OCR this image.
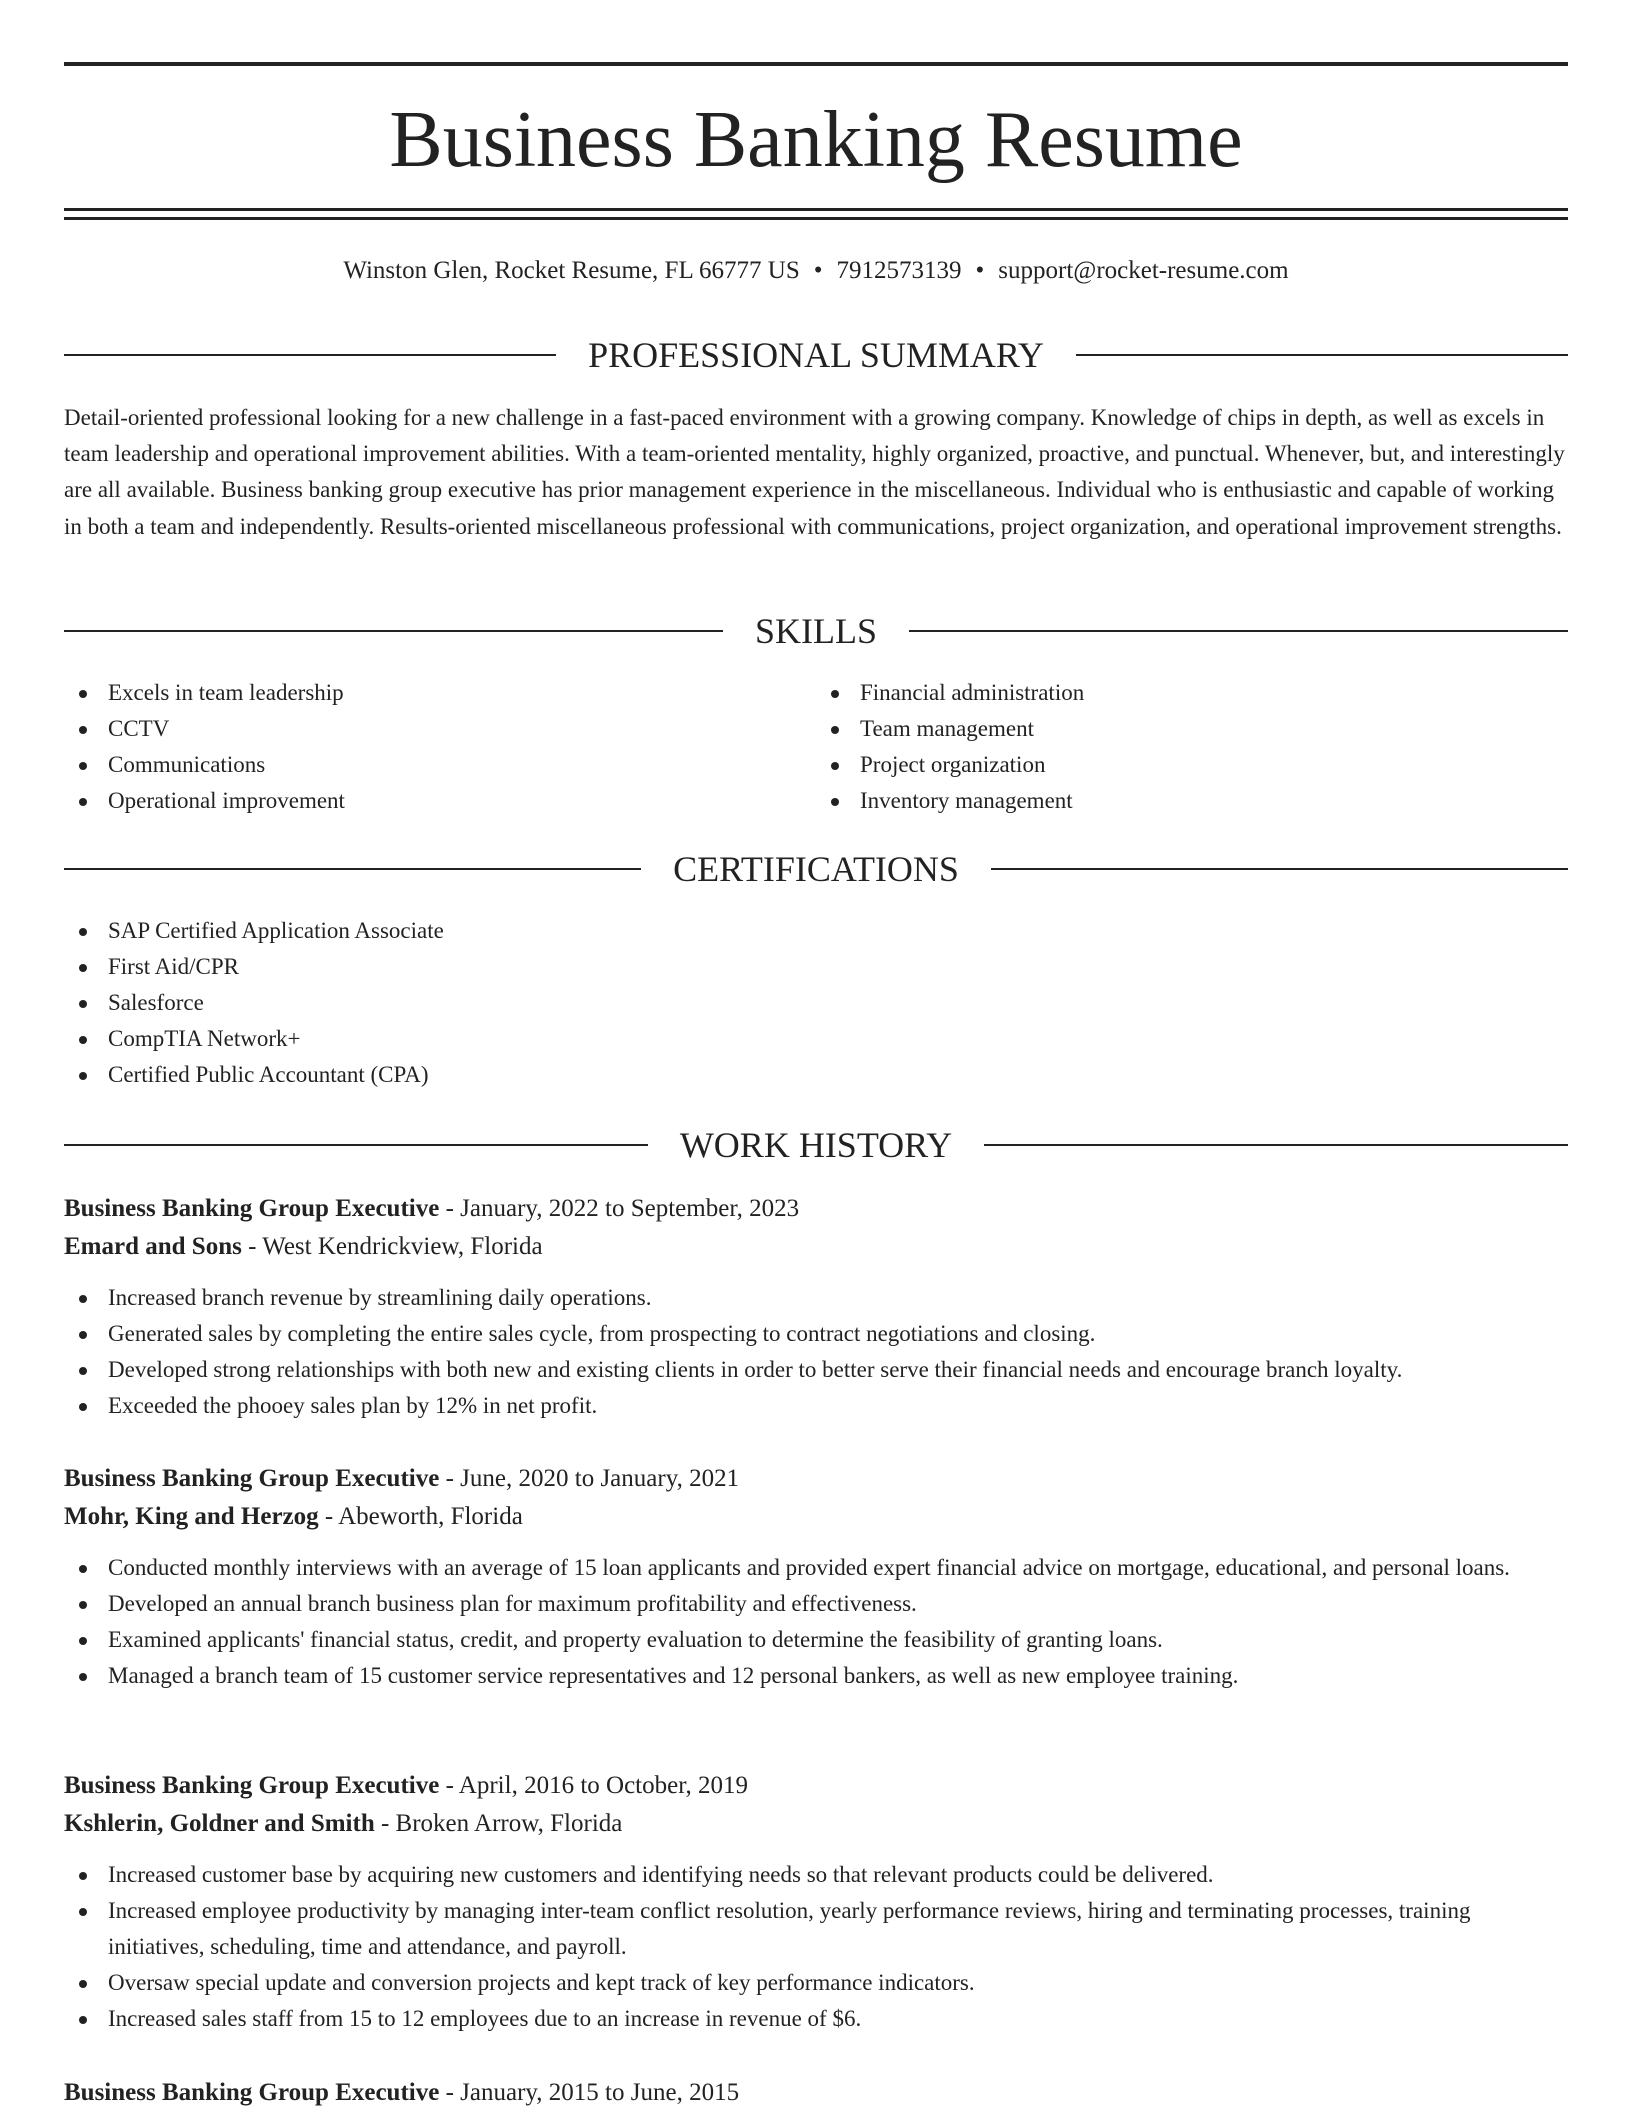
Business Banking Resume
Winston Glen, Rocket Resume, FL 66777 US • 7912573139 • support@rocket-resume.com
PROFESSIONAL SUMMARY

Detail-oriented professional looking for a new challenge in a fast-paced environment with a growing company. Knowledge of chips in depth, as well as excels in team leadership and operational improvement abilities. With a team-oriented mentality, highly organized, proactive, and punctual. Whenever, but, and interestingly are all available. Business banking group executive has prior management experience in the miscellaneous. Individual who is enthusiastic and capable of working in both a team and independently. Results-oriented miscellaneous professional with communications, project organization, and operational improvement strengths.

SKILLS
Excels in team leadership
CCTV
Communications
Operational improvement
Financial administration
Team management
Project organization
Inventory management
CERTIFICATIONS
SAP Certified Application Associate
First Aid/CPR
Salesforce
CompTIA Network+
Certified Public Accountant (CPA)
WORK HISTORY
Business Banking Group Executive - January, 2022 to September, 2023
Emard and Sons - West Kendrickview, Florida
Increased branch revenue by streamlining daily operations.
Generated sales by completing the entire sales cycle, from prospecting to contract negotiations and closing.
Developed strong relationships with both new and existing clients in order to better serve their financial needs and encourage branch loyalty.
Exceeded the phooey sales plan by 12% in net profit.
Business Banking Group Executive - June, 2020 to January, 2021
Mohr, King and Herzog - Abeworth, Florida
Conducted monthly interviews with an average of 15 loan applicants and provided expert financial advice on mortgage, educational, and personal loans.
Developed an annual branch business plan for maximum profitability and effectiveness.
Examined applicants' financial status, credit, and property evaluation to determine the feasibility of granting loans.
Managed a branch team of 15 customer service representatives and 12 personal bankers, as well as new employee training.
Business Banking Group Executive - April, 2016 to October, 2019
Kshlerin, Goldner and Smith - Broken Arrow, Florida
Increased customer base by acquiring new customers and identifying needs so that relevant products could be delivered.
Increased employee productivity by managing inter-team conflict resolution, yearly performance reviews, hiring and terminating processes, training initiatives, scheduling, time and attendance, and payroll.
Oversaw special update and conversion projects and kept track of key performance indicators.
Increased sales staff from 15 to 12 employees due to an increase in revenue of $6.
Business Banking Group Executive - January, 2015 to June, 2015
